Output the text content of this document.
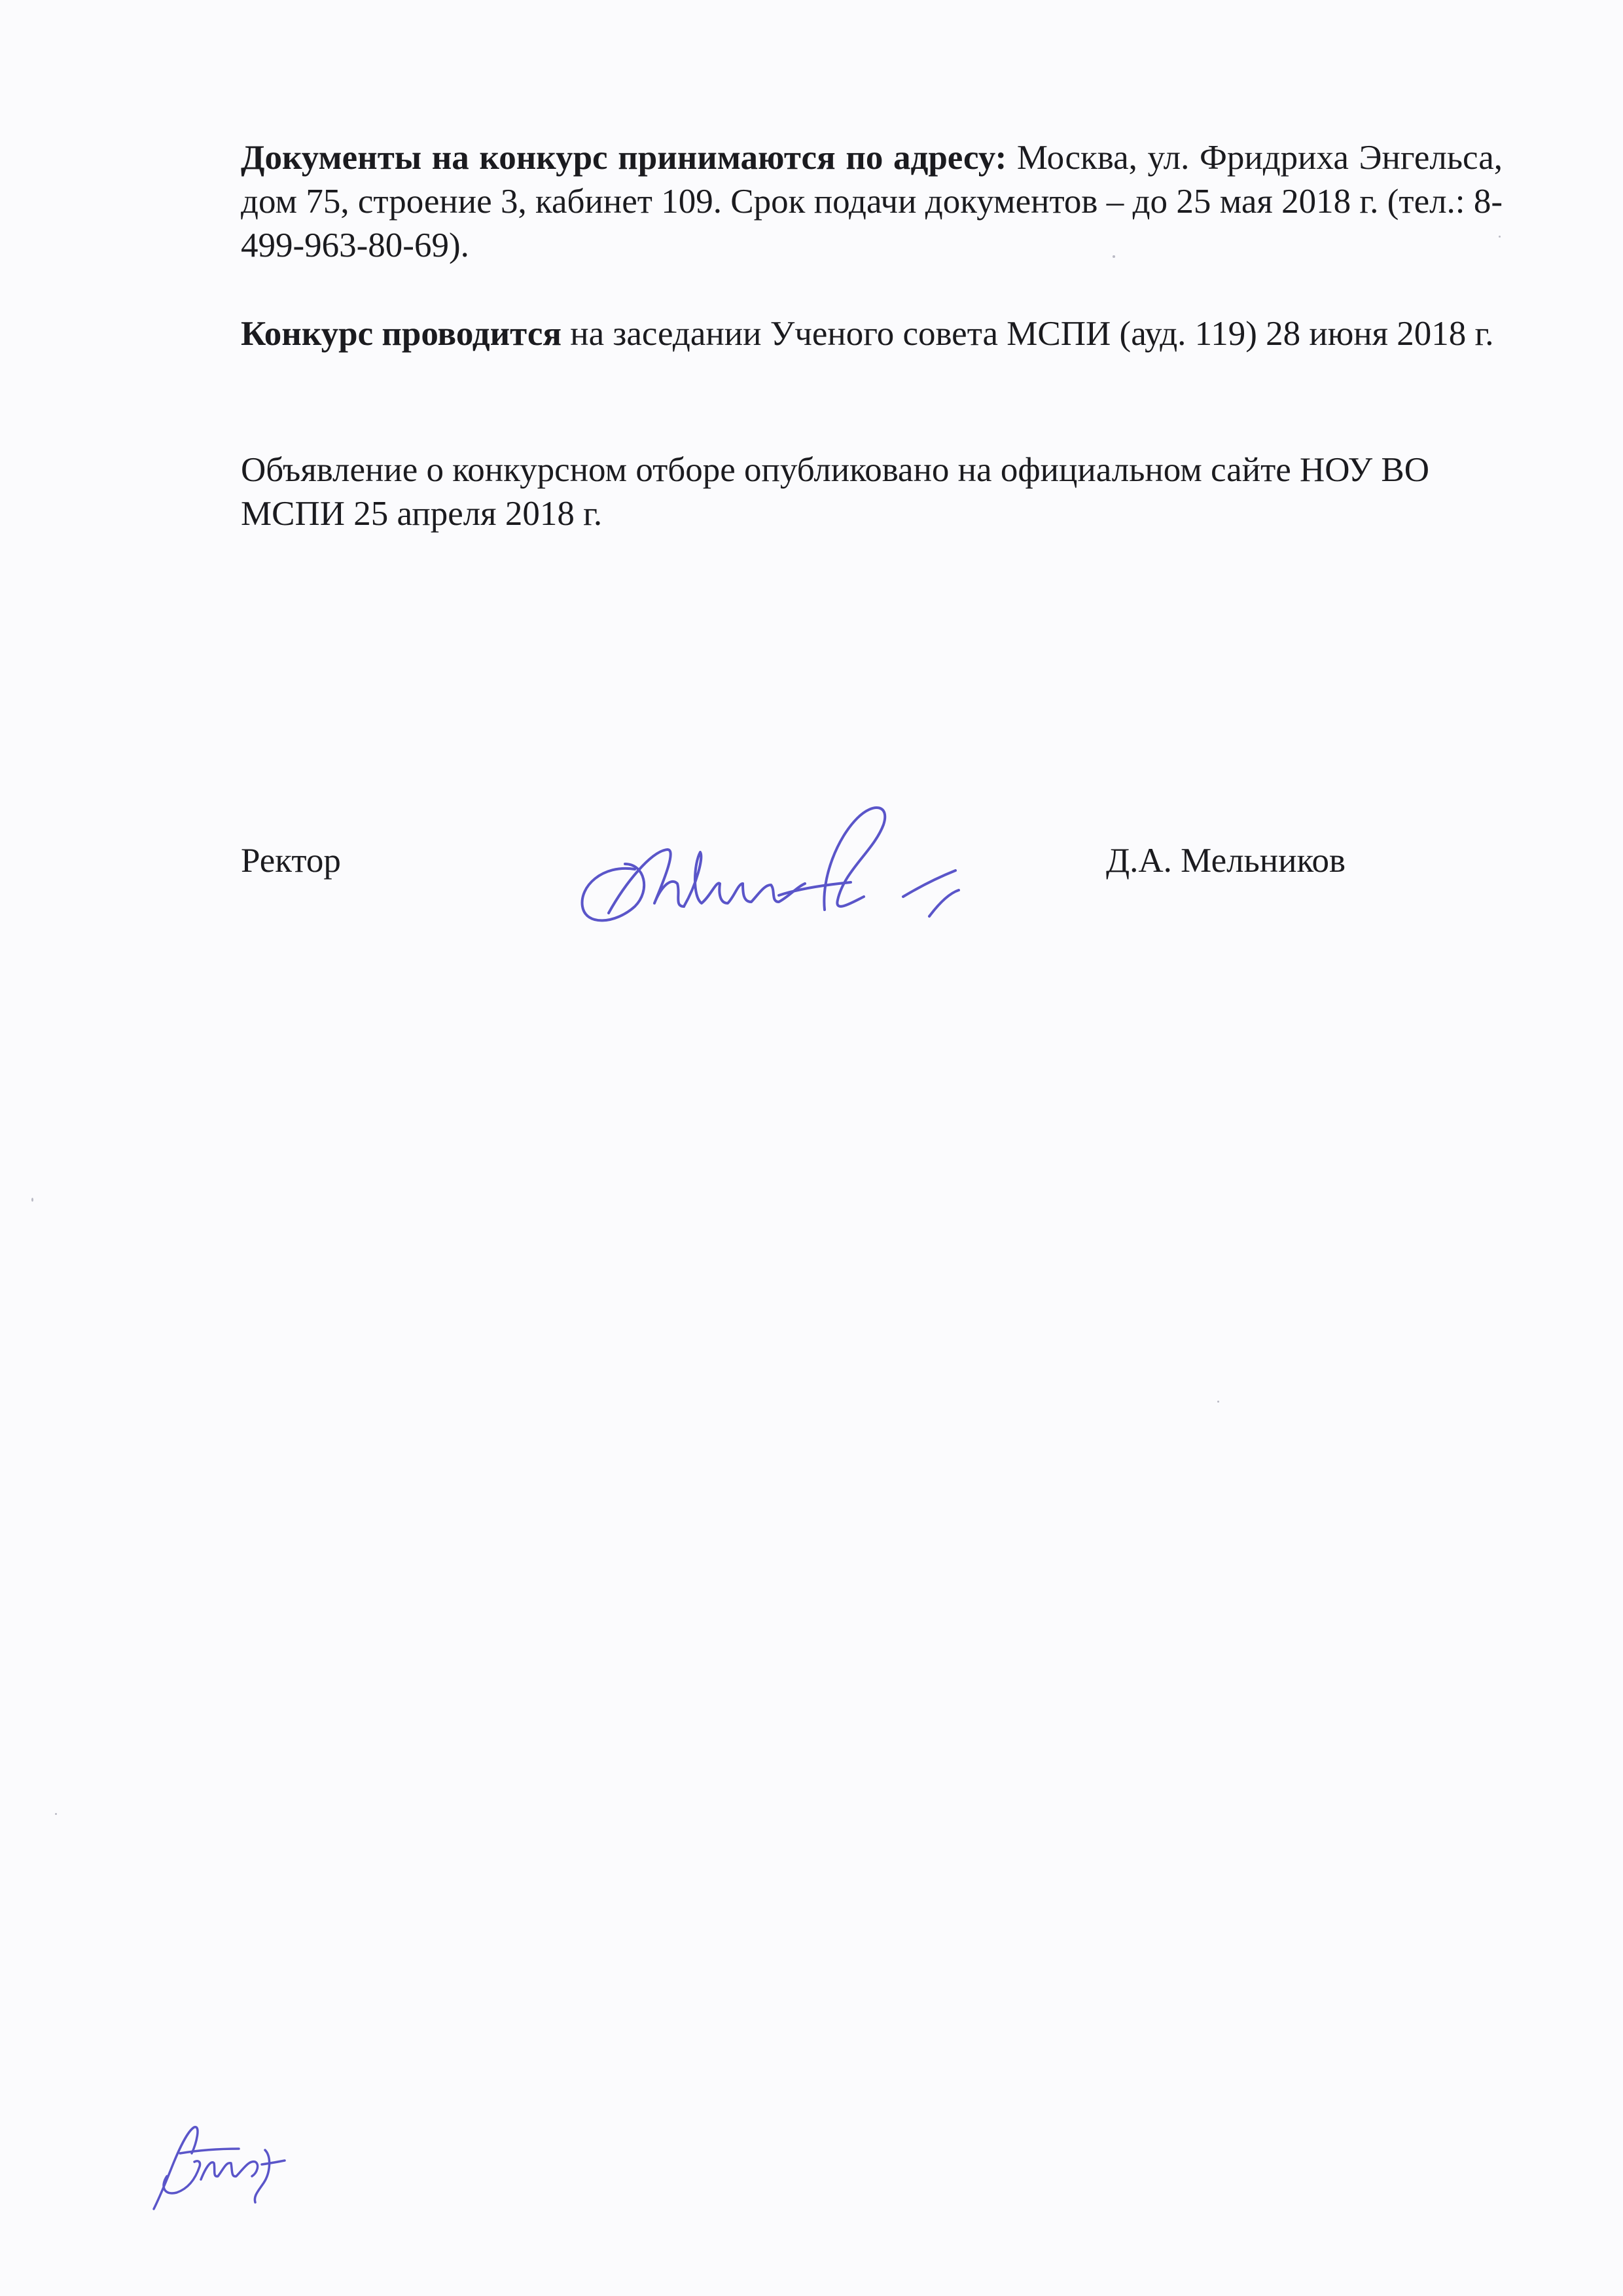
Документы на конкурс принимаются по адресу: Москва, ул. Фридриха Энгельса, дом 75, строение 3, кабинет 109. Срок подачи документов – до 25 мая 2018 г. (тел.: 8-499-963-80-69).

Конкурс проводится на заседании Ученого совета МСПИ (ауд. 119) 28 июня 2018 г.

Объявление о конкурсном отборе опубликовано на официальном сайте НОУ ВО МСПИ 25 апреля 2018 г.

Ректор	Д.А. Мельников
